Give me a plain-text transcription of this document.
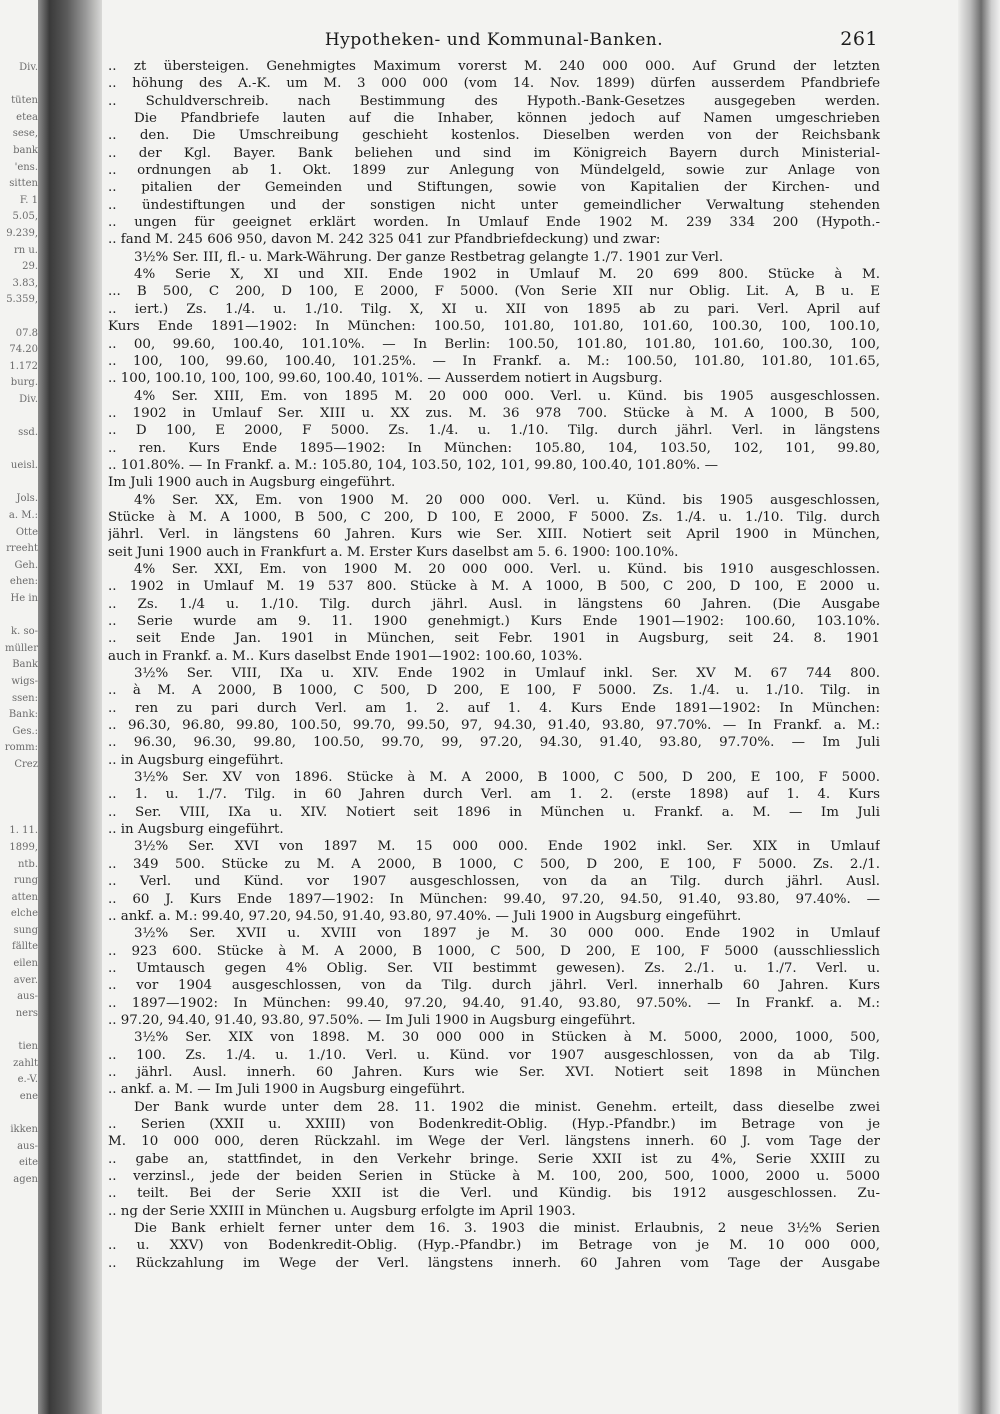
Div.

tüten
etea
sese,
bank
'ens.
sitten
F. 1
5.05,
9.239,
rn u.
29.
3.83,
5.359,

07.8
74.20
1.172
burg.
Div.

ssd.

ueisl.

Jols.
a. M.:
Otte
rreeht
Geh.
ehen:
He in

k. so-
müller
Bank
wigs-
ssen:
Bank:
Ges.:
romm:
Crez

1. 11.
1899,
ntb.
rung
atten
elche
sung
fällte
eilen
aver.
aus-
ners

tien
zahlt
e.-V.
ene

ikken
aus-
eite
agen
Hypotheken- und Kommunal-Banken.	261
.. zt übersteigen. Genehmigtes Maximum vorerst M. 240 000 000. Auf Grund der letzten
.. höhung des A.-K. um M. 3 000 000 (vom 14. Nov. 1899) dürfen ausserdem Pfandbriefe
.. Schuldverschreib. nach Bestimmung des Hypoth.-Bank-Gesetzes ausgegeben werden.
Die Pfandbriefe lauten auf die Inhaber, können jedoch auf Namen umgeschrieben
.. den. Die Umschreibung geschieht kostenlos. Dieselben werden von der Reichsbank
.. der Kgl. Bayer. Bank beliehen und sind im Königreich Bayern durch Ministerial-
.. ordnungen ab 1. Okt. 1899 zur Anlegung von Mündelgeld, sowie zur Anlage von
.. pitalien der Gemeinden und Stiftungen, sowie von Kapitalien der Kirchen- und
.. ündestiftungen und der sonstigen nicht unter gemeindlicher Verwaltung stehenden
.. ungen für geeignet erklärt worden. In Umlauf Ende 1902 M. 239 334 200 (Hypoth.-
.. fand M. 245 606 950, davon M. 242 325 041 zur Pfandbriefdeckung) und zwar:
3½% Ser. III, fl.- u. Mark-Währung. Der ganze Restbetrag gelangte 1./7. 1901 zur Verl.
4% Serie X, XI und XII. Ende 1902 in Umlauf M. 20 699 800. Stücke à M.
... B 500, C 200, D 100, E 2000, F 5000. (Von Serie XII nur Oblig. Lit. A, B u. E
.. iert.) Zs. 1./4. u. 1./10. Tilg. X, XI u. XII von 1895 ab zu pari. Verl. April auf
Kurs Ende 1891—1902: In München: 100.50, 101.80, 101.80, 101.60, 100.30, 100, 100.10,
.. 00, 99.60, 100.40, 101.10%. — In Berlin: 100.50, 101.80, 101.80, 101.60, 100.30, 100,
.. 100, 100, 99.60, 100.40, 101.25%. — In Frankf. a. M.: 100.50, 101.80, 101.80, 101.65,
.. 100, 100.10, 100, 100, 99.60, 100.40, 101%. — Ausserdem notiert in Augsburg.
4% Ser. XIII, Em. von 1895 M. 20 000 000. Verl. u. Künd. bis 1905 ausgeschlossen.
.. 1902 in Umlauf Ser. XIII u. XX zus. M. 36 978 700. Stücke à M. A 1000, B 500,
.. D 100, E 2000, F 5000. Zs. 1./4. u. 1./10. Tilg. durch jährl. Verl. in längstens
.. ren. Kurs Ende 1895—1902: In München: 105.80, 104, 103.50, 102, 101, 99.80,
.. 101.80%. — In Frankf. a. M.: 105.80, 104, 103.50, 102, 101, 99.80, 100.40, 101.80%. —
Im Juli 1900 auch in Augsburg eingeführt.
4% Ser. XX, Em. von 1900 M. 20 000 000. Verl. u. Künd. bis 1905 ausgeschlossen,
Stücke à M. A 1000, B 500, C 200, D 100, E 2000, F 5000. Zs. 1./4. u. 1./10. Tilg. durch
jährl. Verl. in längstens 60 Jahren. Kurs wie Ser. XIII. Notiert seit April 1900 in München,
seit Juni 1900 auch in Frankfurt a. M. Erster Kurs daselbst am 5. 6. 1900: 100.10%.
4% Ser. XXI, Em. von 1900 M. 20 000 000. Verl. u. Künd. bis 1910 ausgeschlossen.
.. 1902 in Umlauf M. 19 537 800. Stücke à M. A 1000, B 500, C 200, D 100, E 2000 u.
.. Zs. 1./4 u. 1./10. Tilg. durch jährl. Ausl. in längstens 60 Jahren. (Die Ausgabe
.. Serie wurde am 9. 11. 1900 genehmigt.) Kurs Ende 1901—1902: 100.60, 103.10%.
.. seit Ende Jan. 1901 in München, seit Febr. 1901 in Augsburg, seit 24. 8. 1901
auch in Frankf. a. M.. Kurs daselbst Ende 1901—1902: 100.60, 103%.
3½% Ser. VIII, IXa u. XIV. Ende 1902 in Umlauf inkl. Ser. XV M. 67 744 800.
.. à M. A 2000, B 1000, C 500, D 200, E 100, F 5000. Zs. 1./4. u. 1./10. Tilg. in
.. ren zu pari durch Verl. am 1. 2. auf 1. 4. Kurs Ende 1891—1902: In München:
.. 96.30, 96.80, 99.80, 100.50, 99.70, 99.50, 97, 94.30, 91.40, 93.80, 97.70%. — In Frankf. a. M.:
.. 96.30, 96.30, 99.80, 100.50, 99.70, 99, 97.20, 94.30, 91.40, 93.80, 97.70%. — Im Juli
.. in Augsburg eingeführt.
3½% Ser. XV von 1896. Stücke à M. A 2000, B 1000, C 500, D 200, E 100, F 5000.
.. 1. u. 1./7. Tilg. in 60 Jahren durch Verl. am 1. 2. (erste 1898) auf 1. 4. Kurs
.. Ser. VIII, IXa u. XIV. Notiert seit 1896 in München u. Frankf. a. M. — Im Juli
.. in Augsburg eingeführt.
3½% Ser. XVI von 1897 M. 15 000 000. Ende 1902 inkl. Ser. XIX in Umlauf
.. 349 500. Stücke zu M. A 2000, B 1000, C 500, D 200, E 100, F 5000. Zs. 2./1.
.. Verl. und Künd. vor 1907 ausgeschlossen, von da an Tilg. durch jährl. Ausl.
.. 60 J. Kurs Ende 1897—1902: In München: 99.40, 97.20, 94.50, 91.40, 93.80, 97.40%. —
.. ankf. a. M.: 99.40, 97.20, 94.50, 91.40, 93.80, 97.40%. — Juli 1900 in Augsburg eingeführt.
3½% Ser. XVII u. XVIII von 1897 je M. 30 000 000. Ende 1902 in Umlauf
.. 923 600. Stücke à M. A 2000, B 1000, C 500, D 200, E 100, F 5000 (ausschliesslich
.. Umtausch gegen 4% Oblig. Ser. VII bestimmt gewesen). Zs. 2./1. u. 1./7. Verl. u.
.. vor 1904 ausgeschlossen, von da Tilg. durch jährl. Verl. innerhalb 60 Jahren. Kurs
.. 1897—1902: In München: 99.40, 97.20, 94.40, 91.40, 93.80, 97.50%. — In Frankf. a. M.:
.. 97.20, 94.40, 91.40, 93.80, 97.50%. — Im Juli 1900 in Augsburg eingeführt.
3½% Ser. XIX von 1898. M. 30 000 000 in Stücken à M. 5000, 2000, 1000, 500,
.. 100. Zs. 1./4. u. 1./10. Verl. u. Künd. vor 1907 ausgeschlossen, von da ab Tilg.
.. jährl. Ausl. innerh. 60 Jahren. Kurs wie Ser. XVI. Notiert seit 1898 in München
.. ankf. a. M. — Im Juli 1900 in Augsburg eingeführt.
Der Bank wurde unter dem 28. 11. 1902 die minist. Genehm. erteilt, dass dieselbe zwei
.. Serien (XXII u. XXIII) von Bodenkredit-Oblig. (Hyp.-Pfandbr.) im Betrage von je
M. 10 000 000, deren Rückzahl. im Wege der Verl. längstens innerh. 60 J. vom Tage der
.. gabe an, stattfindet, in den Verkehr bringe. Serie XXII ist zu 4%, Serie XXIII zu
.. verzinsl., jede der beiden Serien in Stücke à M. 100, 200, 500, 1000, 2000 u. 5000
.. teilt. Bei der Serie XXII ist die Verl. und Kündig. bis 1912 ausgeschlossen. Zu-
.. ng der Serie XXIII in München u. Augsburg erfolgte im April 1903.
Die Bank erhielt ferner unter dem 16. 3. 1903 die minist. Erlaubnis, 2 neue 3½% Serien
.. u. XXV) von Bodenkredit-Oblig. (Hyp.-Pfandbr.) im Betrage von je M. 10 000 000,
.. Rückzahlung im Wege der Verl. längstens innerh. 60 Jahren vom Tage der Ausgabe
